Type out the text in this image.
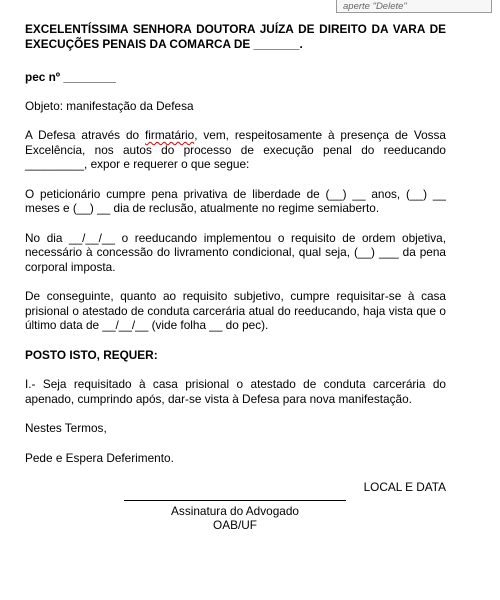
aperte "Delete"
EXCELENTÍSSIMA SENHORA DOUTORA JUÍZA DE DIREITO DA VARA DE EXECUÇÕES PENAIS DA COMARCA DE _______.
pec nº ________
Objeto: manifestação da Defesa
A Defesa através do firmatário, vem, respeitosamente à presença de Vossa Excelência, nos autos do processo de execução penal do reeducando _________, expor e requerer o que segue:
O peticionário cumpre pena privativa de liberdade de (__) __ anos, (__) __ meses e (__) __ dia de reclusão, atualmente no regime semiaberto.
No dia __/__/__ o reeducando implementou o requisito de ordem objetiva, necessário à concessão do livramento condicional, qual seja, (__) ___ da pena corporal imposta.
De conseguinte, quanto ao requisito subjetivo, cumpre requisitar-se à casa prisional o atestado de conduta carcerária atual do reeducando, haja vista que o último data de __/__/__ (vide folha __ do pec).
POSTO ISTO, REQUER:
I.- Seja requisitado à casa prisional o atestado de conduta carcerária do apenado, cumprindo após, dar-se vista à Defesa para nova manifestação.
Nestes Termos,
Pede e Espera Deferimento.
LOCAL E DATA
Assinatura do Advogado
OAB/UF
